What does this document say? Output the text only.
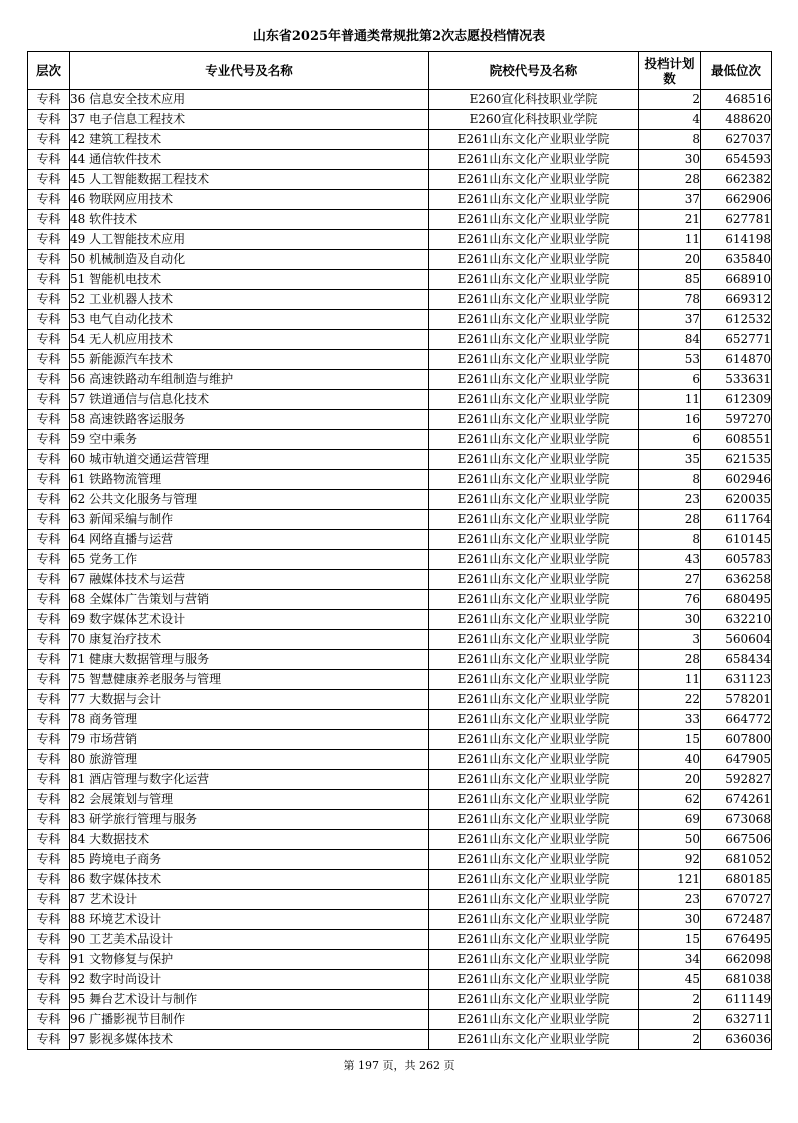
山东省2025年普通类常规批第2次志愿投档情况表
层次	专业代号及名称	院校代号及名称	投档计划数	最低位次
专科	36 信息安全技术应用	E260宣化科技职业学院	2	468516
专科	37 电子信息工程技术	E260宣化科技职业学院	4	488620
专科	42 建筑工程技术	E261山东文化产业职业学院	8	627037
专科	44 通信软件技术	E261山东文化产业职业学院	30	654593
专科	45 人工智能数据工程技术	E261山东文化产业职业学院	28	662382
专科	46 物联网应用技术	E261山东文化产业职业学院	37	662906
专科	48 软件技术	E261山东文化产业职业学院	21	627781
专科	49 人工智能技术应用	E261山东文化产业职业学院	11	614198
专科	50 机械制造及自动化	E261山东文化产业职业学院	20	635840
专科	51 智能机电技术	E261山东文化产业职业学院	85	668910
专科	52 工业机器人技术	E261山东文化产业职业学院	78	669312
专科	53 电气自动化技术	E261山东文化产业职业学院	37	612532
专科	54 无人机应用技术	E261山东文化产业职业学院	84	652771
专科	55 新能源汽车技术	E261山东文化产业职业学院	53	614870
专科	56 高速铁路动车组制造与维护	E261山东文化产业职业学院	6	533631
专科	57 铁道通信与信息化技术	E261山东文化产业职业学院	11	612309
专科	58 高速铁路客运服务	E261山东文化产业职业学院	16	597270
专科	59 空中乘务	E261山东文化产业职业学院	6	608551
专科	60 城市轨道交通运营管理	E261山东文化产业职业学院	35	621535
专科	61 铁路物流管理	E261山东文化产业职业学院	8	602946
专科	62 公共文化服务与管理	E261山东文化产业职业学院	23	620035
专科	63 新闻采编与制作	E261山东文化产业职业学院	28	611764
专科	64 网络直播与运营	E261山东文化产业职业学院	8	610145
专科	65 党务工作	E261山东文化产业职业学院	43	605783
专科	67 融媒体技术与运营	E261山东文化产业职业学院	27	636258
专科	68 全媒体广告策划与营销	E261山东文化产业职业学院	76	680495
专科	69 数字媒体艺术设计	E261山东文化产业职业学院	30	632210
专科	70 康复治疗技术	E261山东文化产业职业学院	3	560604
专科	71 健康大数据管理与服务	E261山东文化产业职业学院	28	658434
专科	75 智慧健康养老服务与管理	E261山东文化产业职业学院	11	631123
专科	77 大数据与会计	E261山东文化产业职业学院	22	578201
专科	78 商务管理	E261山东文化产业职业学院	33	664772
专科	79 市场营销	E261山东文化产业职业学院	15	607800
专科	80 旅游管理	E261山东文化产业职业学院	40	647905
专科	81 酒店管理与数字化运营	E261山东文化产业职业学院	20	592827
专科	82 会展策划与管理	E261山东文化产业职业学院	62	674261
专科	83 研学旅行管理与服务	E261山东文化产业职业学院	69	673068
专科	84 大数据技术	E261山东文化产业职业学院	50	667506
专科	85 跨境电子商务	E261山东文化产业职业学院	92	681052
专科	86 数字媒体技术	E261山东文化产业职业学院	121	680185
专科	87 艺术设计	E261山东文化产业职业学院	23	670727
专科	88 环境艺术设计	E261山东文化产业职业学院	30	672487
专科	90 工艺美术品设计	E261山东文化产业职业学院	15	676495
专科	91 文物修复与保护	E261山东文化产业职业学院	34	662098
专科	92 数字时尚设计	E261山东文化产业职业学院	45	681038
专科	95 舞台艺术设计与制作	E261山东文化产业职业学院	2	611149
专科	96 广播影视节目制作	E261山东文化产业职业学院	2	632711
专科	97 影视多媒体技术	E261山东文化产业职业学院	2	636036
第 197 页，共 262 页
